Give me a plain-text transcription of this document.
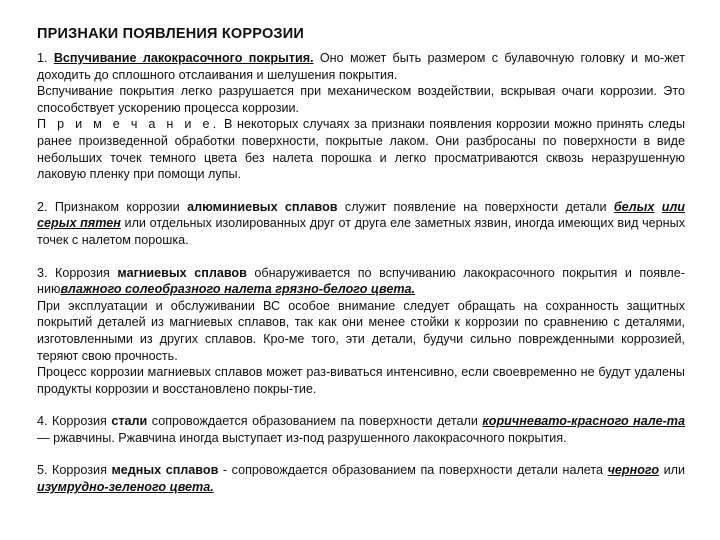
ПРИЗНАКИ ПОЯВЛЕНИЯ КОРРОЗИИ

1. Вспучивание лакокрасочного покрытия. Оно может быть размером с булавочную головку и мо-жет доходить до сплошного отслаивания и шелушения покрытия.

Вспучивание покрытия легко разрушается при механическом воздействии, вскрывая очаги коррозии. Это способствует ускорению процесса коррозии.

П р и м е ч а н и е. В некоторых случаях за признаки появления коррозии можно принять следы ранее произведенной обработки поверхности, покрытые лаком. Они разбросаны по поверхности в виде небольших точек темного цвета без налета порошка и легко просматриваются сквозь неразрушенную лаковую пленку при помощи лупы.

2. Признаком коррозии алюминиевых сплавов служит появление на поверхности детали белых или серых пятен или отдельных изолированных друг от друга еле заметных язвин, иногда имеющих вид черных точек с налетом порошка.

3. Коррозия магниевых сплавов обнаруживается по вспучиванию лакокрасочного покрытия и появле-ниювлажного солеобразного налета грязно-белого цвета.

При эксплуатации и обслуживании ВС особое внимание следует обращать на сохранность защитных покрытий деталей из магниевых сплавов, так как они менее стойки к коррозии по сравнению с деталями, изготовленными из других сплавов. Кро-ме того, эти детали, будучи сильно поврежденными коррозией, теряют свою прочность.

Процесс коррозии магниевых сплавов может раз-виваться интенсивно, если своевременно не будут удалены продукты коррозии и восстановлено покры-тие.

4. Коррозия стали сопровождается образованием па поверхности детали коричневато-красного нале-та— ржавчины. Ржавчина иногда выступает из-под разрушенного лакокрасочного покрытия.

5. Коррозия медных сплавов - сопровождается образованием па поверхности детали налета черного или изумрудно-зеленого цвета.
